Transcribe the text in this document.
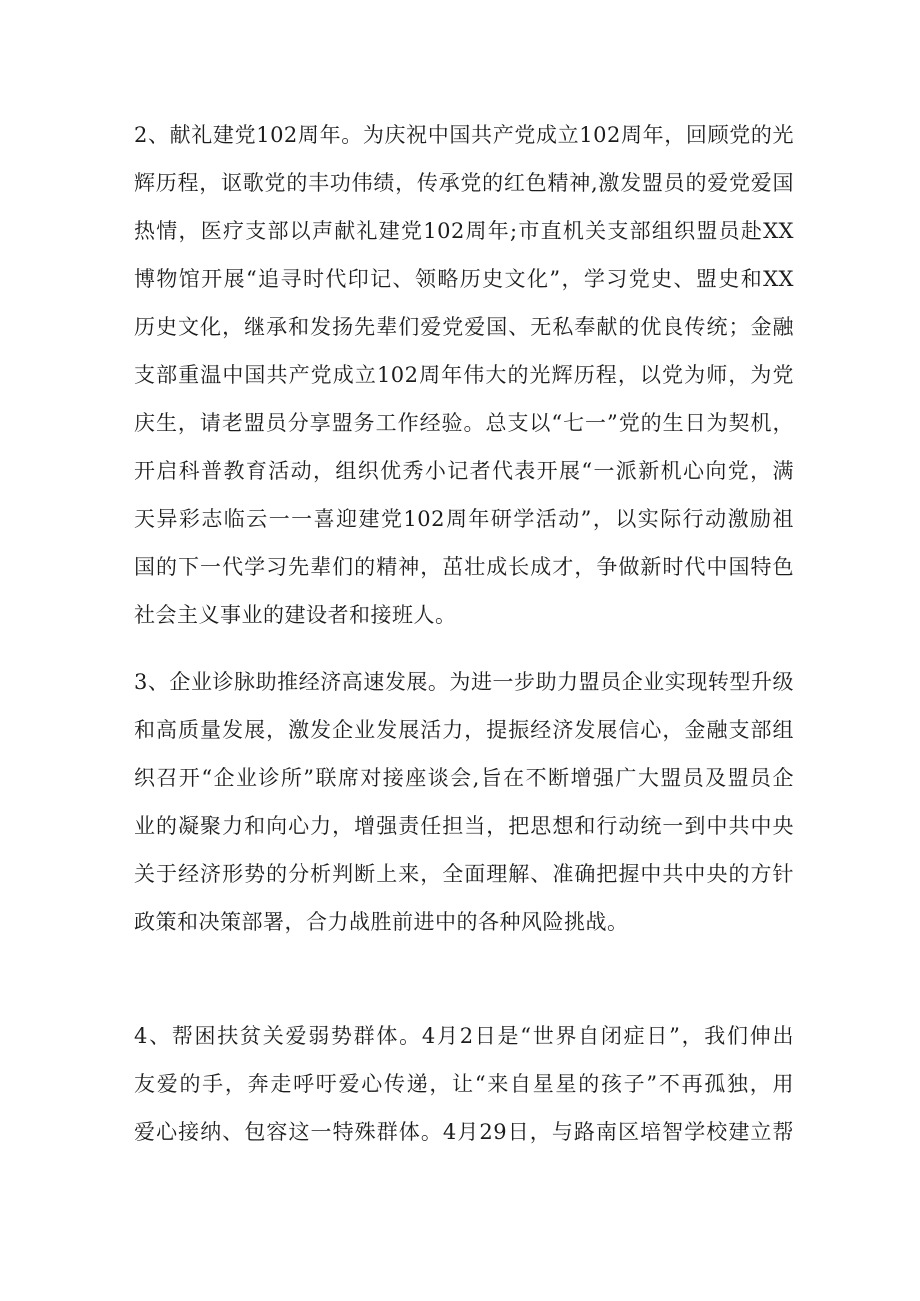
2、献礼建党102周年。为庆祝中国共产党成立102周年，回顾党的光
辉历程，讴歌党的丰功伟绩，传承党的红色精神,激发盟员的爱党爱国
热情，医疗支部以声献礼建党102周年;市直机关支部组织盟员赴XX
博物馆开展“追寻时代印记、领略历史文化”，学习党史、盟史和XX
历史文化，继承和发扬先辈们爱党爱国、无私奉献的优良传统；金融
支部重温中国共产党成立102周年伟大的光辉历程，以党为师，为党
庆生，请老盟员分享盟务工作经验。总支以“七一”党的生日为契机，
开启科普教育活动，组织优秀小记者代表开展“一派新机心向党，满
天异彩志临云一一喜迎建党102周年研学活动”，以实际行动激励祖
国的下一代学习先辈们的精神，茁壮成长成才，争做新时代中国特色
社会主义事业的建设者和接班人。
3、企业诊脉助推经济高速发展。为进一步助力盟员企业实现转型升级
和高质量发展，激发企业发展活力，提振经济发展信心，金融支部组
织召开“企业诊所”联席对接座谈会,旨在不断增强广大盟员及盟员企
业的凝聚力和向心力，增强责任担当，把思想和行动统一到中共中央
关于经济形势的分析判断上来，全面理解、准确把握中共中央的方针
政策和决策部署，合力战胜前进中的各种风险挑战。
4、帮困扶贫关爱弱势群体。4月2日是“世界自闭症日”，我们伸出
友爱的手，奔走呼吁爱心传递，让“来自星星的孩子”不再孤独，用
爱心接纳、包容这一特殊群体。4月29日，与路南区培智学校建立帮
